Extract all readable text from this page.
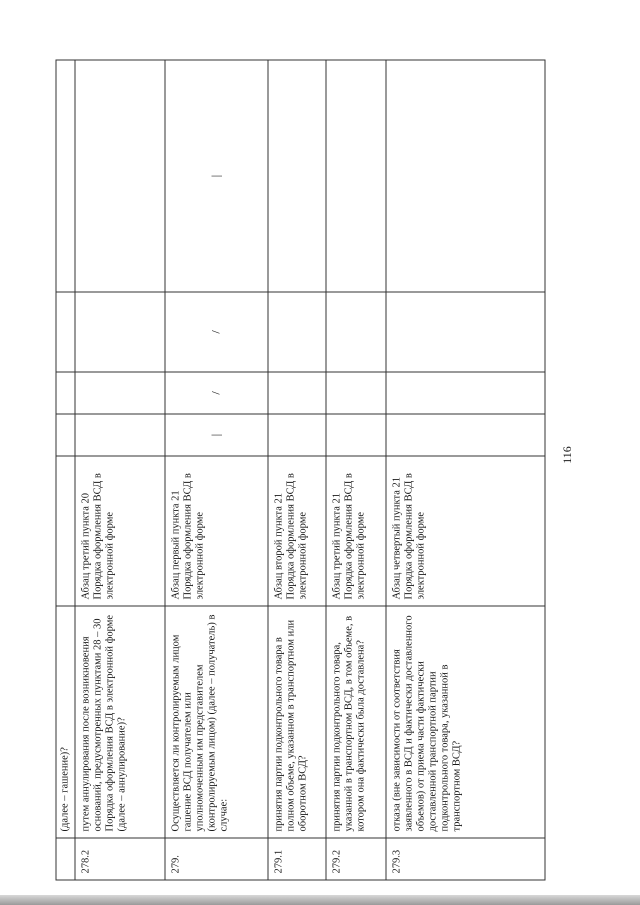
116
	(далее – гашение)?					
278.2	путем аннулирования после возникновения оснований, предусмотренных пунктами 28 – 30 Порядка оформления ВСД в электронной форме (далее – аннулирование)?	Абзац третий пункта 20 Порядка оформления ВСД в электронной форме				
279.	Осуществляется ли контролируемым лицом гашение ВСД получателем или уполномоченным им представителем (контролируемым лицом) (далее – получатель) в случае:	Абзац первый пункта 21 Порядка оформления ВСД в электронной форме	|	/	/	|
279.1	принятия партии подконтрольного товара в полном объеме, указанном в транспортном или оборотном ВСД?	Абзац второй пункта 21 Порядка оформления ВСД в электронной форме				
279.2	принятия партии подконтрольного товара, указанной в транспортном ВСД, в том объеме, в котором она фактически была доставлена?	Абзац третий пункта 21 Порядка оформления ВСД в электронной форме				
279.3	отказа (вне зависимости от соответствия заявленного в ВСД и фактически доставленного объемов) от приема части фактически доставленной транспортной партии подконтрольного товара, указанной в транспортном ВСД?	Абзац четвертый пункта 21 Порядка оформления ВСД в электронной форме				
